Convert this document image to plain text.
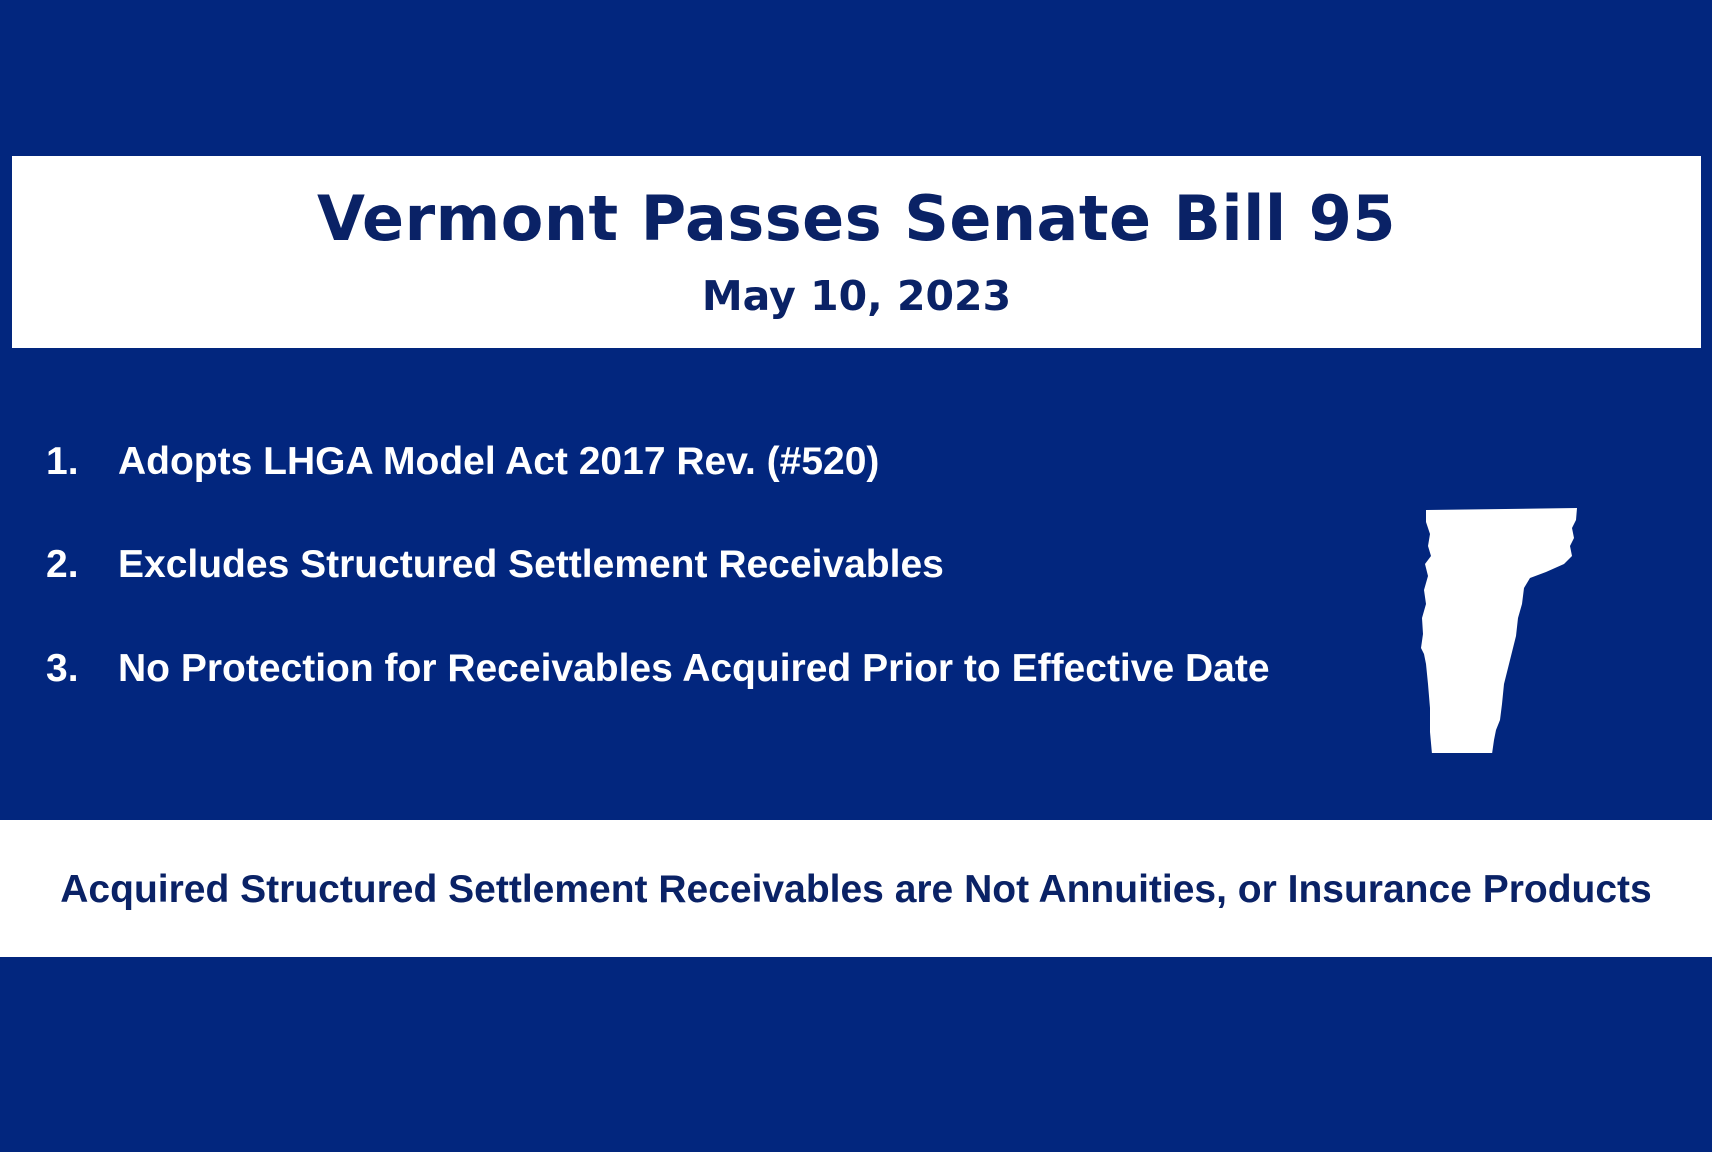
Vermont Passes Senate Bill 95
May 10, 2023
1. Adopts LHGA Model Act 2017 Rev. (#520)
2. Excludes Structured Settlement Receivables
3. No Protection for Receivables Acquired Prior to Effective Date
Acquired Structured Settlement Receivables are Not Annuities, or Insurance Products
